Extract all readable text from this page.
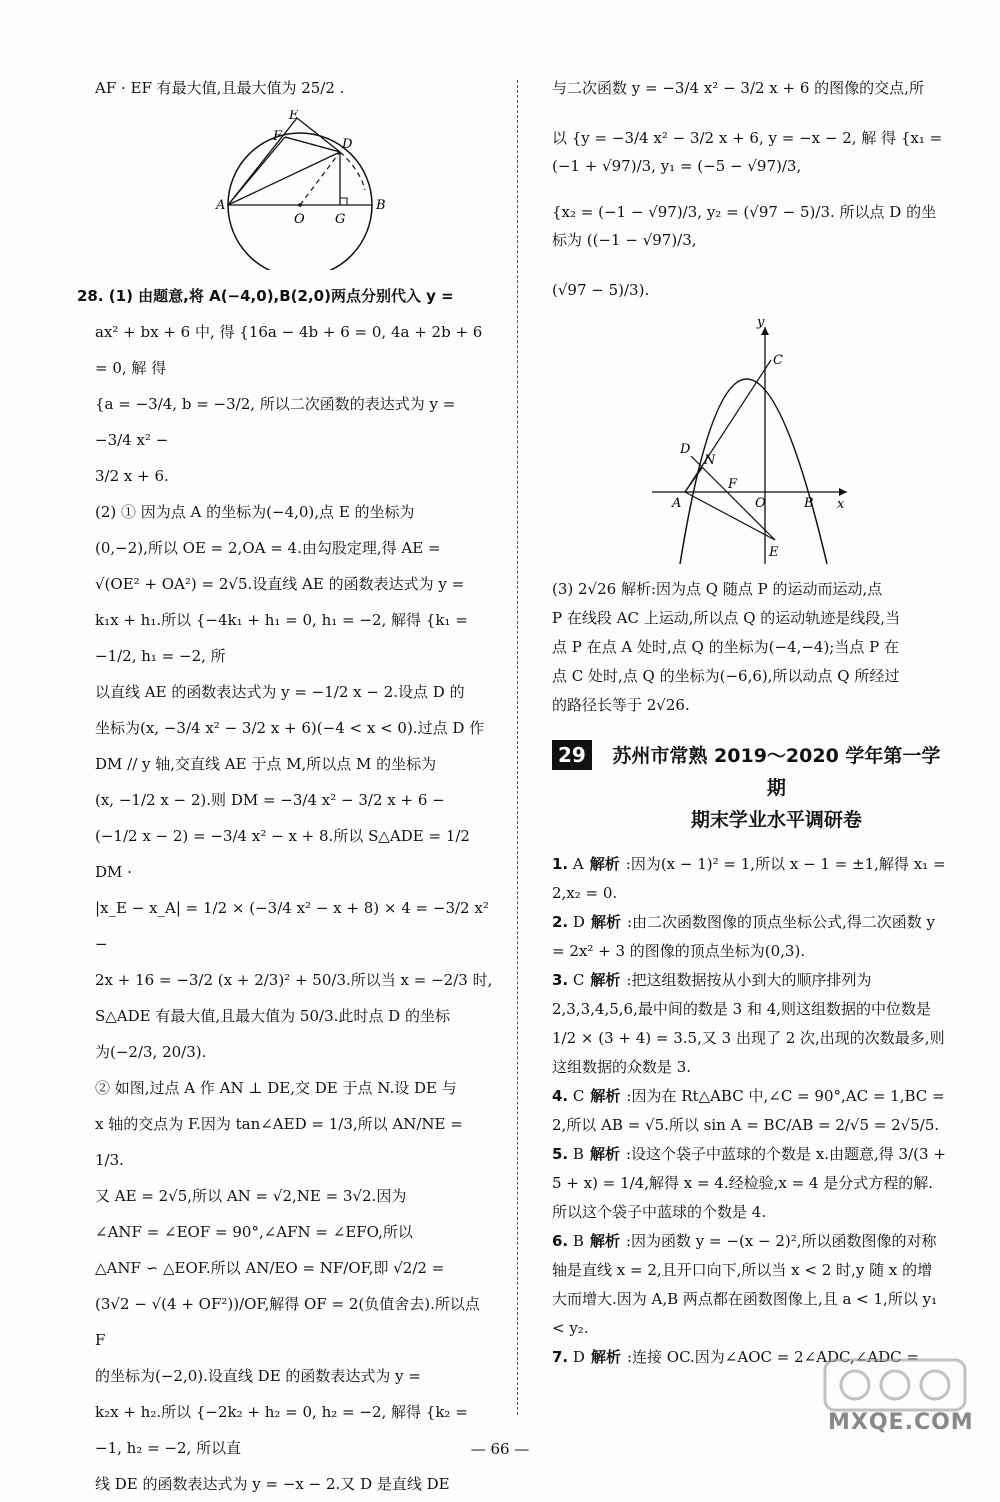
AF · EF 有最大值,且最大值为 25/2 .

E
F
D
A
O G
B

28. (1) 由题意,将 A(−4,0),B(2,0)两点分别代入 y =

ax² + bx + 6 中, 得 {16a − 4b + 6 = 0, 4a + 2b + 6 = 0, 解 得

{a = −3/4, b = −3/2, 所以二次函数的表达式为 y = −3/4 x² −

3/2 x + 6.

(2) ① 因为点 A 的坐标为(−4,0),点 E 的坐标为

(0,−2),所以 OE = 2,OA = 4.由勾股定理,得 AE =

√(OE² + OA²) = 2√5.设直线 AE 的函数表达式为 y =

k₁x + h₁.所以 {−4k₁ + h₁ = 0, h₁ = −2, 解得 {k₁ = −1/2, h₁ = −2, 所

以直线 AE 的函数表达式为 y = −1/2 x − 2.设点 D 的

坐标为(x, −3/4 x² − 3/2 x + 6)(−4 < x < 0).过点 D 作

DM // y 轴,交直线 AE 于点 M,所以点 M 的坐标为

(x, −1/2 x − 2).则 DM = −3/4 x² − 3/2 x + 6 −

(−1/2 x − 2) = −3/4 x² − x + 8.所以 S△ADE = 1/2 DM ·

|x_E − x_A| = 1/2 × (−3/4 x² − x + 8) × 4 = −3/2 x² −

2x + 16 = −3/2 (x + 2/3)² + 50/3.所以当 x = −2/3 时,

S△ADE 有最大值,且最大值为 50/3.此时点 D 的坐标

为(−2/3, 20/3).

② 如图,过点 A 作 AN ⊥ DE,交 DE 于点 N.设 DE 与

x 轴的交点为 F.因为 tan∠AED = 1/3,所以 AN/NE = 1/3.

又 AE = 2√5,所以 AN = √2,NE = 3√2.因为

∠ANF = ∠EOF = 90°,∠AFN = ∠EFO,所以

△ANF ∽ △EOF.所以 AN/EO = NF/OF,即 √2/2 =

(3√2 − √(4 + OF²))/OF,解得 OF = 2(负值舍去).所以点 F

的坐标为(−2,0).设直线 DE 的函数表达式为 y =

k₂x + h₂.所以 {−2k₂ + h₂ = 0, h₂ = −2, 解得 {k₂ = −1, h₂ = −2, 所以直

线 DE 的函数表达式为 y = −x − 2.又 D 是直线 DE

与二次函数 y = −3/4 x² − 3/2 x + 6 的图像的交点,所

以 {y = −3/4 x² − 3/2 x + 6, y = −x − 2, 解 得 {x₁ = (−1 + √97)/3, y₁ = (−5 − √97)/3,

{x₂ = (−1 − √97)/3, y₂ = (√97 − 5)/3. 所以点 D 的坐标为 ((−1 − √97)/3,

(√97 − 5)/3).

y
C
D
N
F
A	O	B x
E

(3) 2√26 解析:因为点 Q 随点 P 的运动而运动,点

P 在线段 AC 上运动,所以点 Q 的运动轨迹是线段,当

点 P 在点 A 处时,点 Q 的坐标为(−4,−4);当点 P 在

点 C 处时,点 Q 的坐标为(−6,6),所以动点 Q 所经过

的路径长等于 2√26.

29	苏州市常熟 2019～2020 学年第一学期
期末学业水平调研卷

1. A 解析 :因为(x − 1)² = 1,所以 x − 1 = ±1,解得 x₁ = 2,x₂ = 0.

2. D 解析 :由二次函数图像的顶点坐标公式,得二次函数 y = 2x² + 3 的图像的顶点坐标为(0,3).

3. C 解析 :把这组数据按从小到大的顺序排列为 2,3,3,4,5,6,最中间的数是 3 和 4,则这组数据的中位数是 1/2 × (3 + 4) = 3.5,又 3 出现了 2 次,出现的次数最多,则这组数据的众数是 3.

4. C 解析 :因为在 Rt△ABC 中,∠C = 90°,AC = 1,BC = 2,所以 AB = √5.所以 sin A = BC/AB = 2/√5 = 2√5/5.

5. B 解析 :设这个袋子中蓝球的个数是 x.由题意,得 3/(3 + 5 + x) = 1/4,解得 x = 4.经检验,x = 4 是分式方程的解.所以这个袋子中蓝球的个数是 4.

6. B 解析 :因为函数 y = −(x − 2)²,所以函数图像的对称轴是直线 x = 2,且开口向下,所以当 x < 2 时,y 随 x 的增大而增大.因为 A,B 两点都在函数图像上,且 a < 1,所以 y₁ < y₂.

7. D 解析 :连接 OC.因为∠AOC = 2∠ADC,∠ADC =

— 66 —
MXQE.COM
